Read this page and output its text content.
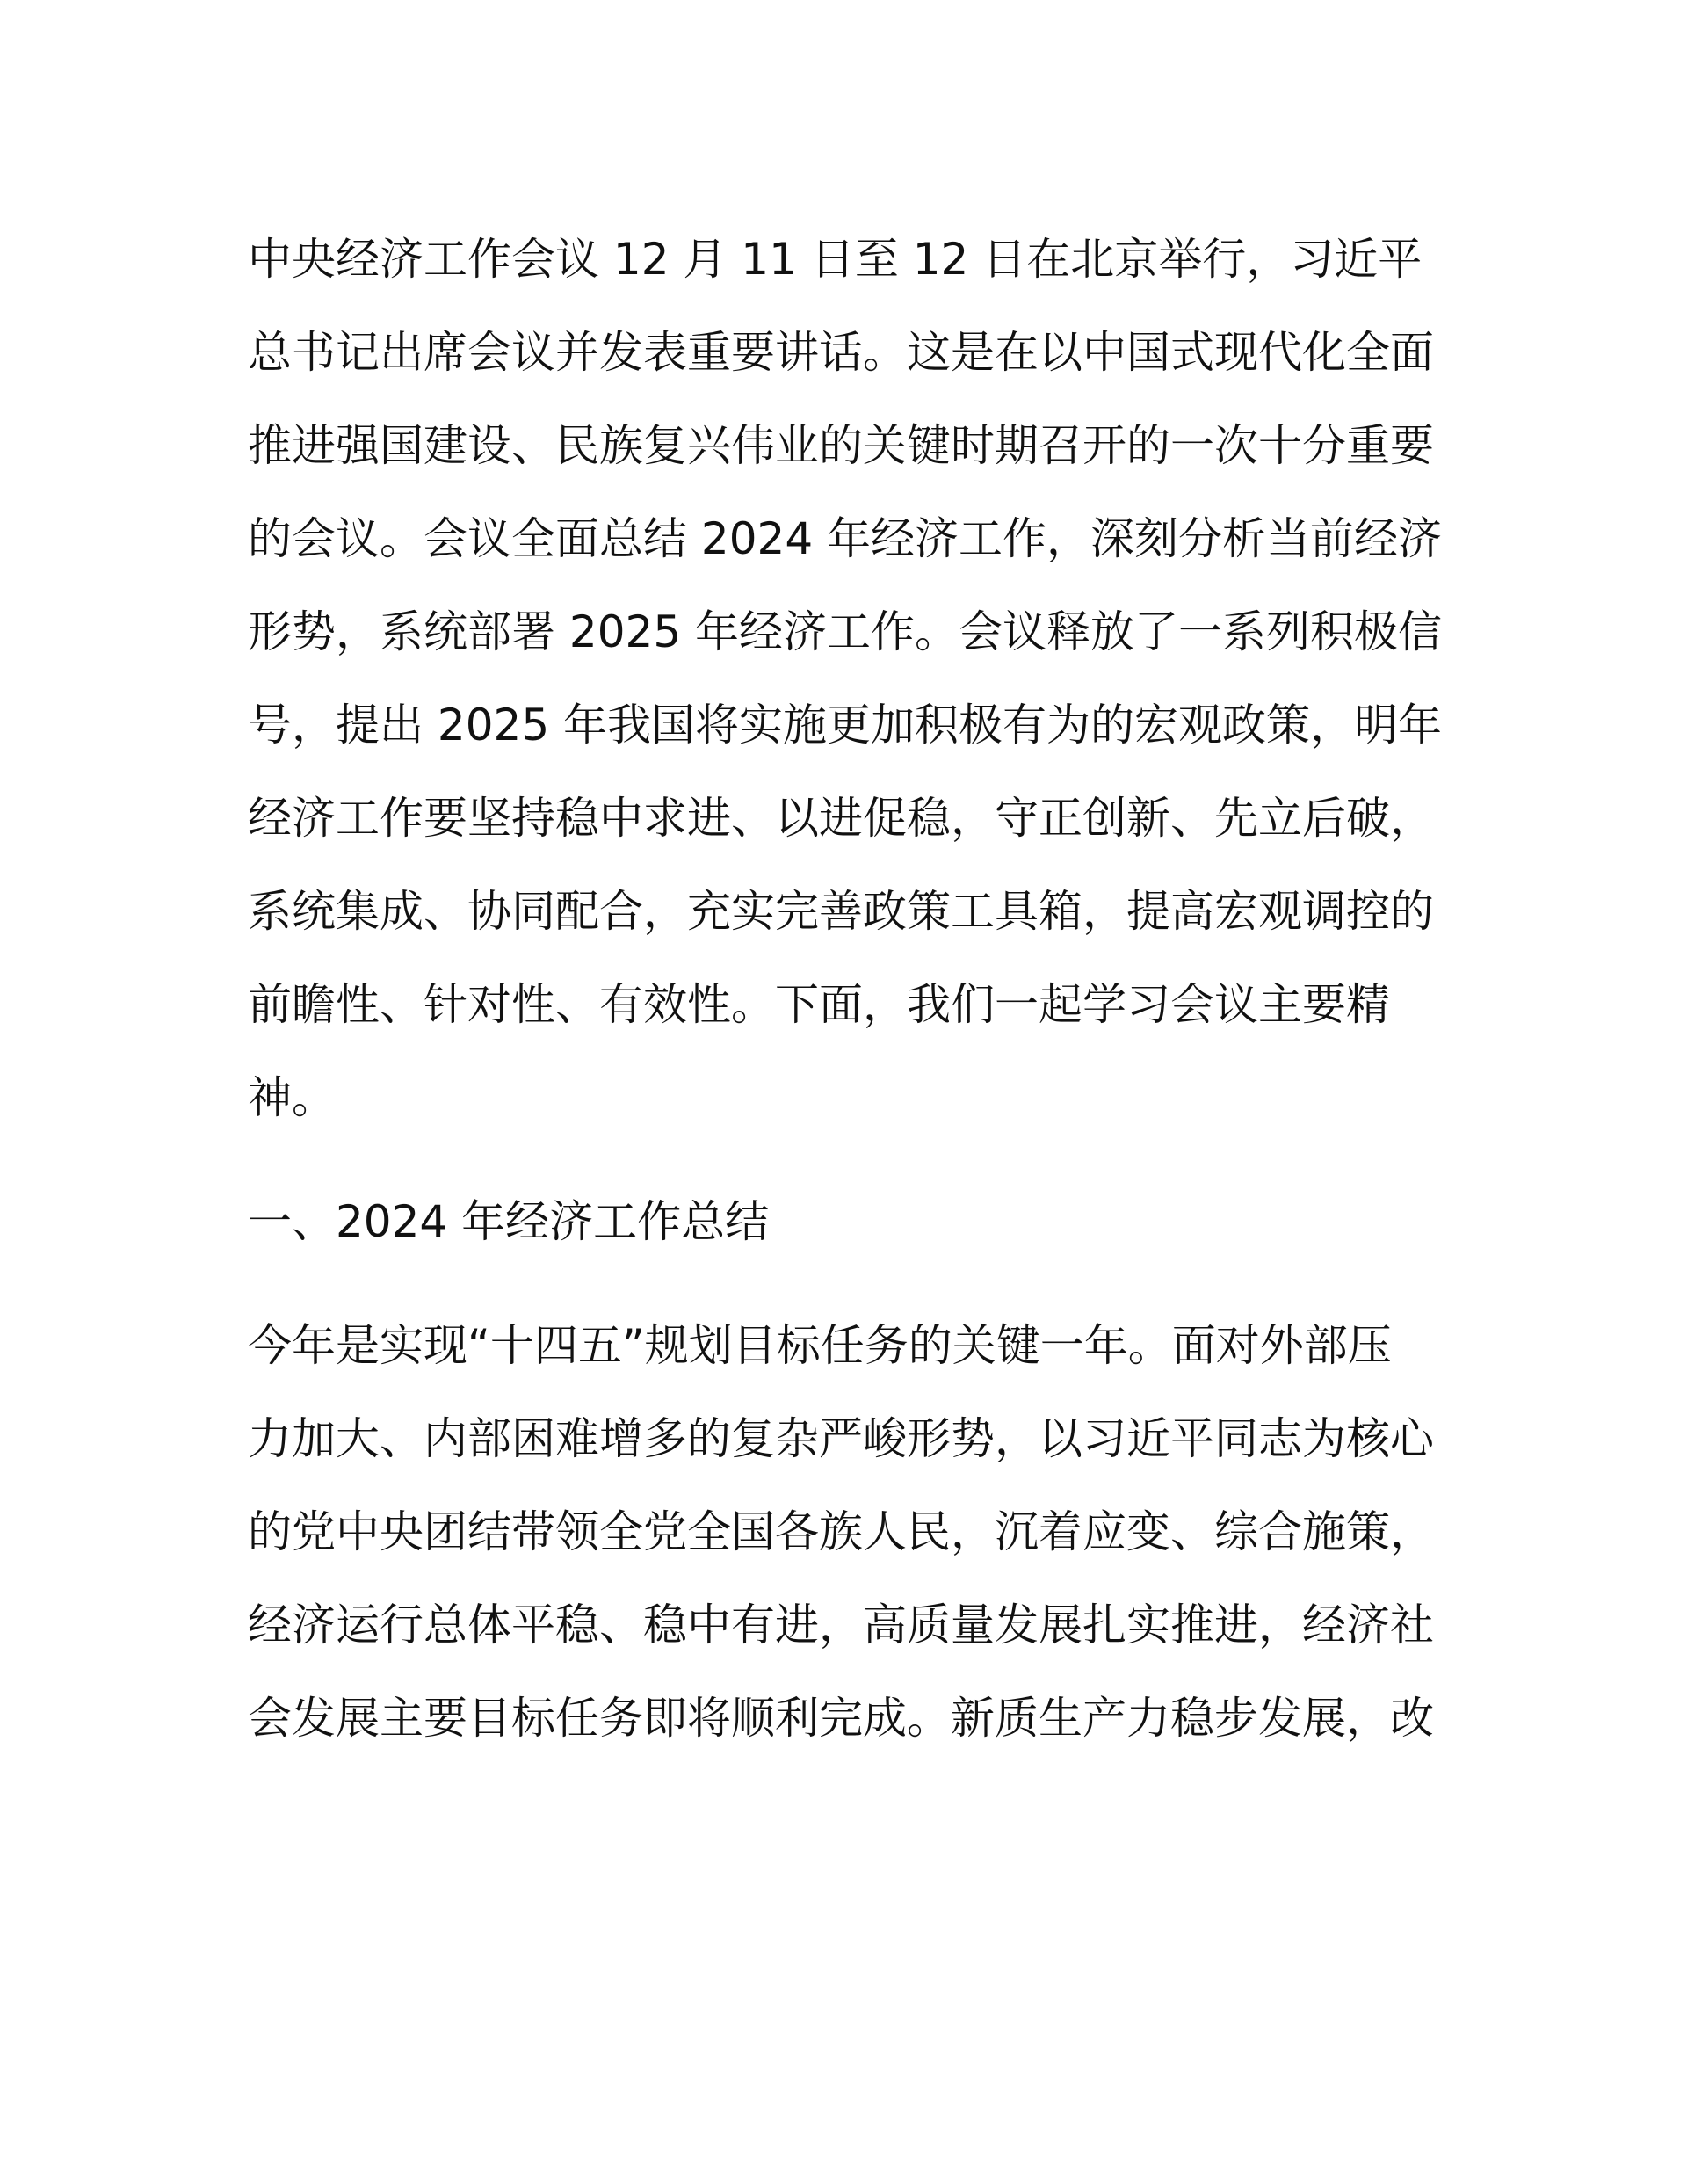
中央经济工作会议 12 月 11 日至 12 日在北京举行，习近平
总书记出席会议并发表重要讲话。这是在以中国式现代化全面
推进强国建设、民族复兴伟业的关键时期召开的一次十分重要
的会议。会议全面总结 2024 年经济工作，深刻分析当前经济
形势，系统部署 2025 年经济工作。会议释放了一系列积极信
号，提出 2025 年我国将实施更加积极有为的宏观政策，明年
经济工作要坚持稳中求进、以进促稳，守正创新、先立后破，
系统集成、协同配合，充实完善政策工具箱，提高宏观调控的
前瞻性、针对性、有效性。下面，我们一起学习会议主要精
神。
一、2024 年经济工作总结
今年是实现“十四五”规划目标任务的关键一年。面对外部压
力加大、内部困难增多的复杂严峻形势，以习近平同志为核心
的党中央团结带领全党全国各族人民，沉着应变、综合施策，
经济运行总体平稳、稳中有进，高质量发展扎实推进，经济社
会发展主要目标任务即将顺利完成。新质生产力稳步发展，改
